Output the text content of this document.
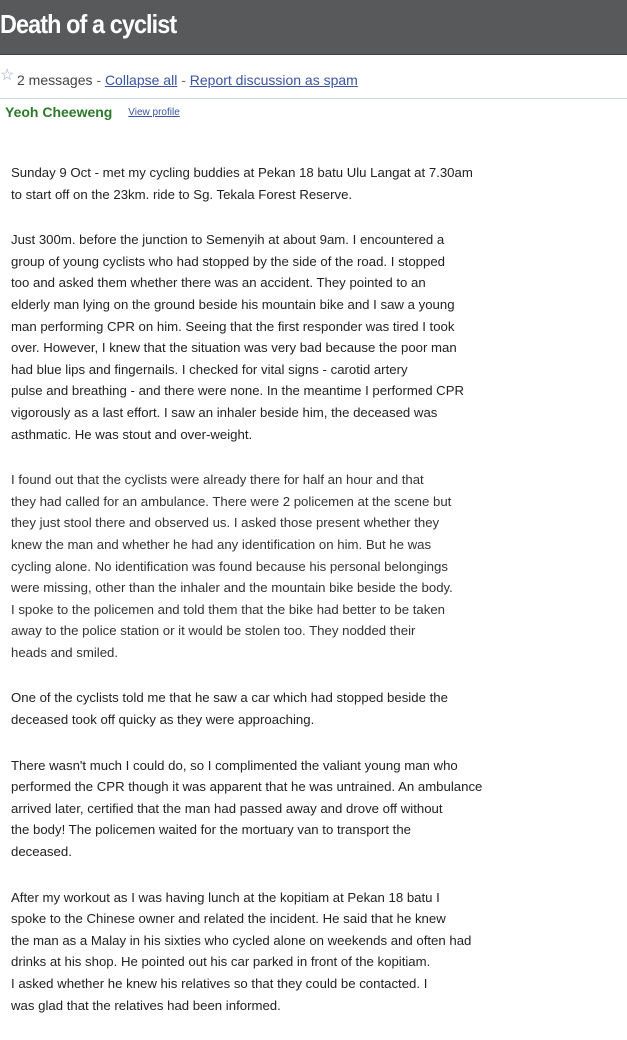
Death of a cyclist
☆ 2 messages - Collapse all - Report discussion as spam
Yeoh Cheeweng View profile

Sunday 9 Oct - met my cycling buddies at Pekan 18 batu Ulu Langat at 7.30am
to start off on the 23km. ride to Sg. Tekala Forest Reserve.

Just 300m. before the junction to Semenyih at about 9am. I encountered a
group of young cyclists who had stopped by the side of the road. I stopped
too and asked them whether there was an accident. They pointed to an
elderly man lying on the ground beside his mountain bike and I saw a young
man performing CPR on him. Seeing that the first responder was tired I took
over. However, I knew that the situation was very bad because the poor man
had blue lips and fingernails. I checked for vital signs - carotid artery
pulse and breathing - and there were none. In the meantime I performed CPR
vigorously as a last effort. I saw an inhaler beside him, the deceased was
asthmatic. He was stout and over-weight.

I found out that the cyclists were already there for half an hour and that
they had called for an ambulance. There were 2 policemen at the scene but
they just stool there and observed us. I asked those present whether they
knew the man and whether he had any identification on him. But he was
cycling alone. No identification was found because his personal belongings
were missing, other than the inhaler and the mountain bike beside the body.
I spoke to the policemen and told them that the bike had better to be taken
away to the police station or it would be stolen too. They nodded their
heads and smiled.

One of the cyclists told me that he saw a car which had stopped beside the
deceased took off quicky as they were approaching.

There wasn't much I could do, so I complimented the valiant young man who
performed the CPR though it was apparent that he was untrained. An ambulance
arrived later, certified that the man had passed away and drove off without
the body! The policemen waited for the mortuary van to transport the
deceased.

After my workout as I was having lunch at the kopitiam at Pekan 18 batu I
spoke to the Chinese owner and related the incident. He said that he knew
the man as a Malay in his sixties who cycled alone on weekends and often had
drinks at his shop. He pointed out his car parked in front of the kopitiam.
I asked whether he knew his relatives so that they could be contacted. I
was glad that the relatives had been informed.
